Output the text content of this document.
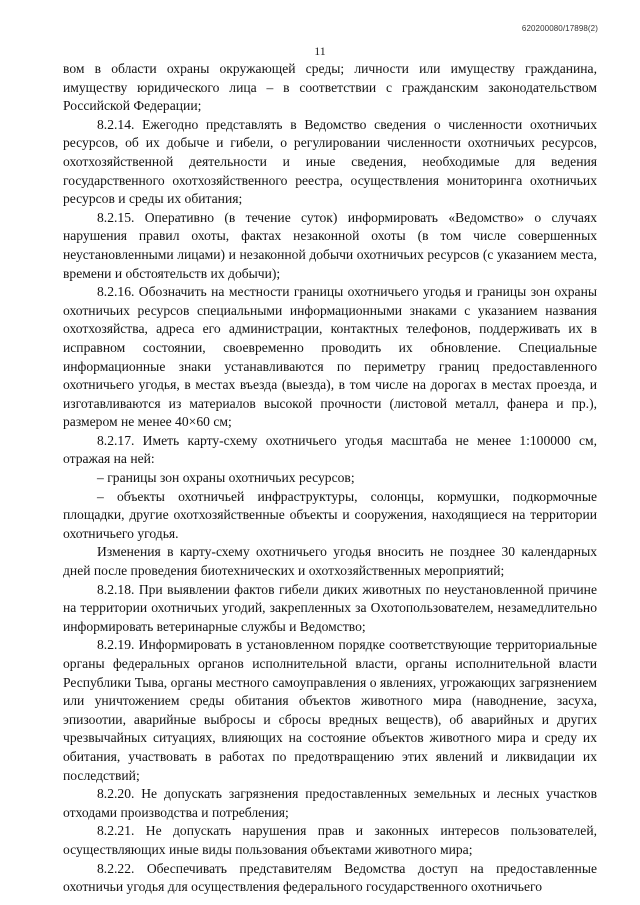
620200080/17898(2)
11

вом в области охраны окружающей среды; личности или имуществу гражданина, имуществу юридического лица – в соответствии с гражданским законодательством Российской Федерации;

8.2.14. Ежегодно представлять в Ведомство сведения о численности охотничьих ресурсов, об их добыче и гибели, о регулировании численности охотничьих ресурсов, охотхозяйственной деятельности и иные сведения, необходимые для ведения государственного охотхозяйственного реестра, осуществления мониторинга охотничьих ресурсов и среды их обитания;

8.2.15. Оперативно (в течение суток) информировать «Ведомство» о случаях нарушения правил охоты, фактах незаконной охоты (в том числе совершенных неустановленными лицами) и незаконной добычи охотничьих ресурсов (с указанием места, времени и обстоятельств их добычи);

8.2.16. Обозначить на местности границы охотничьего угодья и границы зон охраны охотничьих ресурсов специальными информационными знаками с указанием названия охотхозяйства, адреса его администрации, контактных телефонов, поддерживать их в исправном состоянии, своевременно проводить их обновление. Специальные информационные знаки устанавливаются по периметру границ предоставленного охотничьего угодья, в местах въезда (выезда), в том числе на дорогах в местах проезда, и изготавливаются из материалов высокой прочности (листовой металл, фанера и пр.), размером не менее 40×60 см;

8.2.17. Иметь карту-схему охотничьего угодья масштаба не менее 1:100000 см, отражая на ней:

– границы зон охраны охотничьих ресурсов;

– объекты охотничьей инфраструктуры, солонцы, кормушки, подкормочные площадки, другие охотхозяйственные объекты и сооружения, находящиеся на территории охотничьего угодья.

Изменения в карту-схему охотничьего угодья вносить не позднее 30 календарных дней после проведения биотехнических и охотхозяйственных мероприятий;

8.2.18. При выявлении фактов гибели диких животных по неустановленной причине на территории охотничьих угодий, закрепленных за Охотопользователем, незамедлительно информировать ветеринарные службы и Ведомство;

8.2.19. Информировать в установленном порядке соответствующие территориальные органы федеральных органов исполнительной власти, органы исполнительной власти Республики Тыва, органы местного самоуправления о явлениях, угрожающих загрязнением или уничтожением среды обитания объектов животного мира (наводнение, засуха, эпизоотии, аварийные выбросы и сбросы вредных веществ), об аварийных и других чрезвычайных ситуациях, влияющих на состояние объектов животного мира и среду их обитания, участвовать в работах по предотвращению этих явлений и ликвидации их последствий;

8.2.20. Не допускать загрязнения предоставленных земельных и лесных участков отходами производства и потребления;

8.2.21. Не допускать нарушения прав и законных интересов пользователей, осуществляющих иные виды пользования объектами животного мира;

8.2.22. Обеспечивать представителям Ведомства доступ на предоставленные охотничьи угодья для осуществления федерального государственного охотничьего
